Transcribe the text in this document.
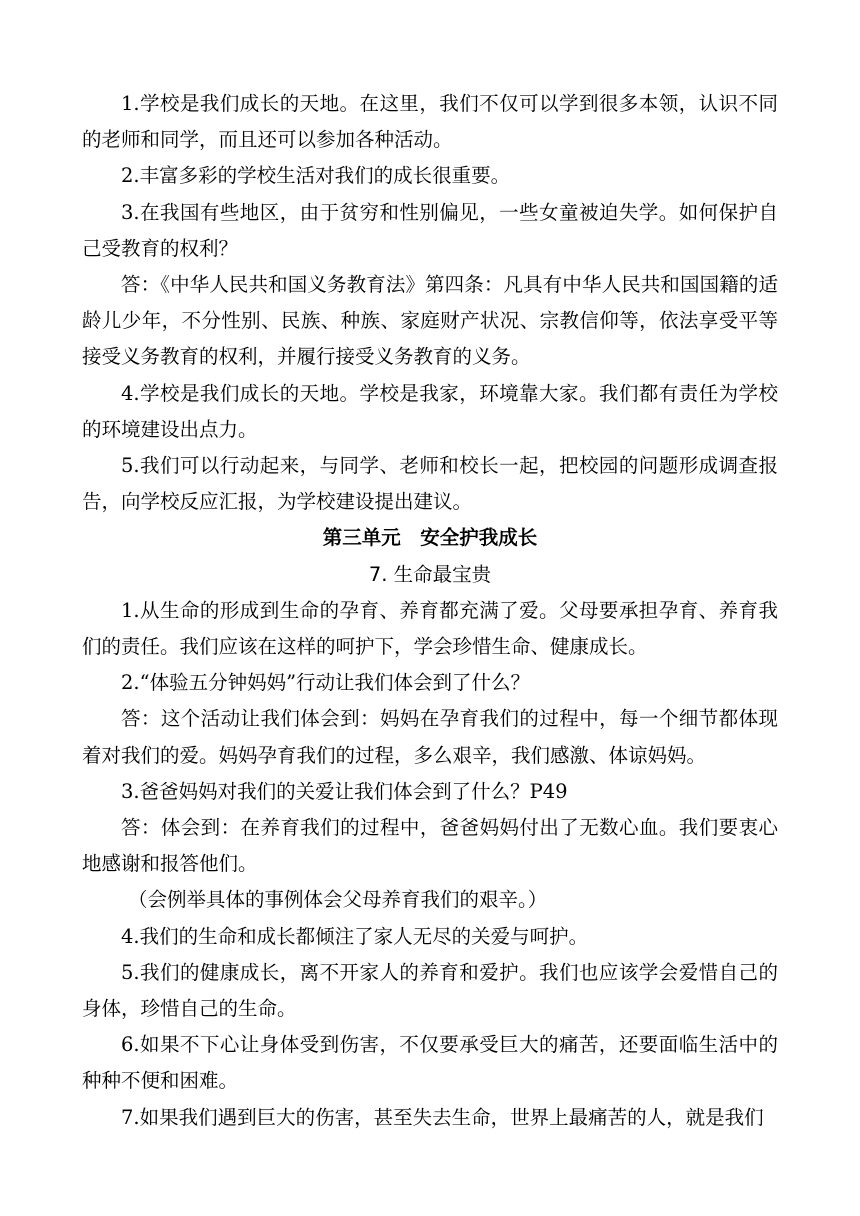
1.学校是我们成长的天地。在这里，我们不仅可以学到很多本领，认识不同的老师和同学，而且还可以参加各种活动。

2.丰富多彩的学校生活对我们的成长很重要。

3.在我国有些地区，由于贫穷和性别偏见，一些女童被迫失学。如何保护自己受教育的权利？

答：《中华人民共和国义务教育法》第四条：凡具有中华人民共和国国籍的适龄儿少年，不分性别、民族、种族、家庭财产状况、宗教信仰等，依法享受平等接受义务教育的权利，并履行接受义务教育的义务。

4.学校是我们成长的天地。学校是我家，环境靠大家。我们都有责任为学校的环境建设出点力。

5.我们可以行动起来，与同学、老师和校长一起，把校园的问题形成调查报告，向学校反应汇报，为学校建设提出建议。

第三单元　安全护我成长

7. 生命最宝贵

1.从生命的形成到生命的孕育、养育都充满了爱。父母要承担孕育、养育我们的责任。我们应该在这样的呵护下，学会珍惜生命、健康成长。

2.“体验五分钟妈妈”行动让我们体会到了什么？

答：这个活动让我们体会到：妈妈在孕育我们的过程中，每一个细节都体现着对我们的爱。妈妈孕育我们的过程，多么艰辛，我们感激、体谅妈妈。

3.爸爸妈妈对我们的关爱让我们体会到了什么？P49

答：体会到：在养育我们的过程中，爸爸妈妈付出了无数心血。我们要衷心地感谢和报答他们。

（会例举具体的事例体会父母养育我们的艰辛。）

4.我们的生命和成长都倾注了家人无尽的关爱与呵护。

5.我们的健康成长，离不开家人的养育和爱护。我们也应该学会爱惜自己的身体，珍惜自己的生命。

6.如果不下心让身体受到伤害，不仅要承受巨大的痛苦，还要面临生活中的种种不便和困难。

7.如果我们遇到巨大的伤害，甚至失去生命，世界上最痛苦的人，就是我们
